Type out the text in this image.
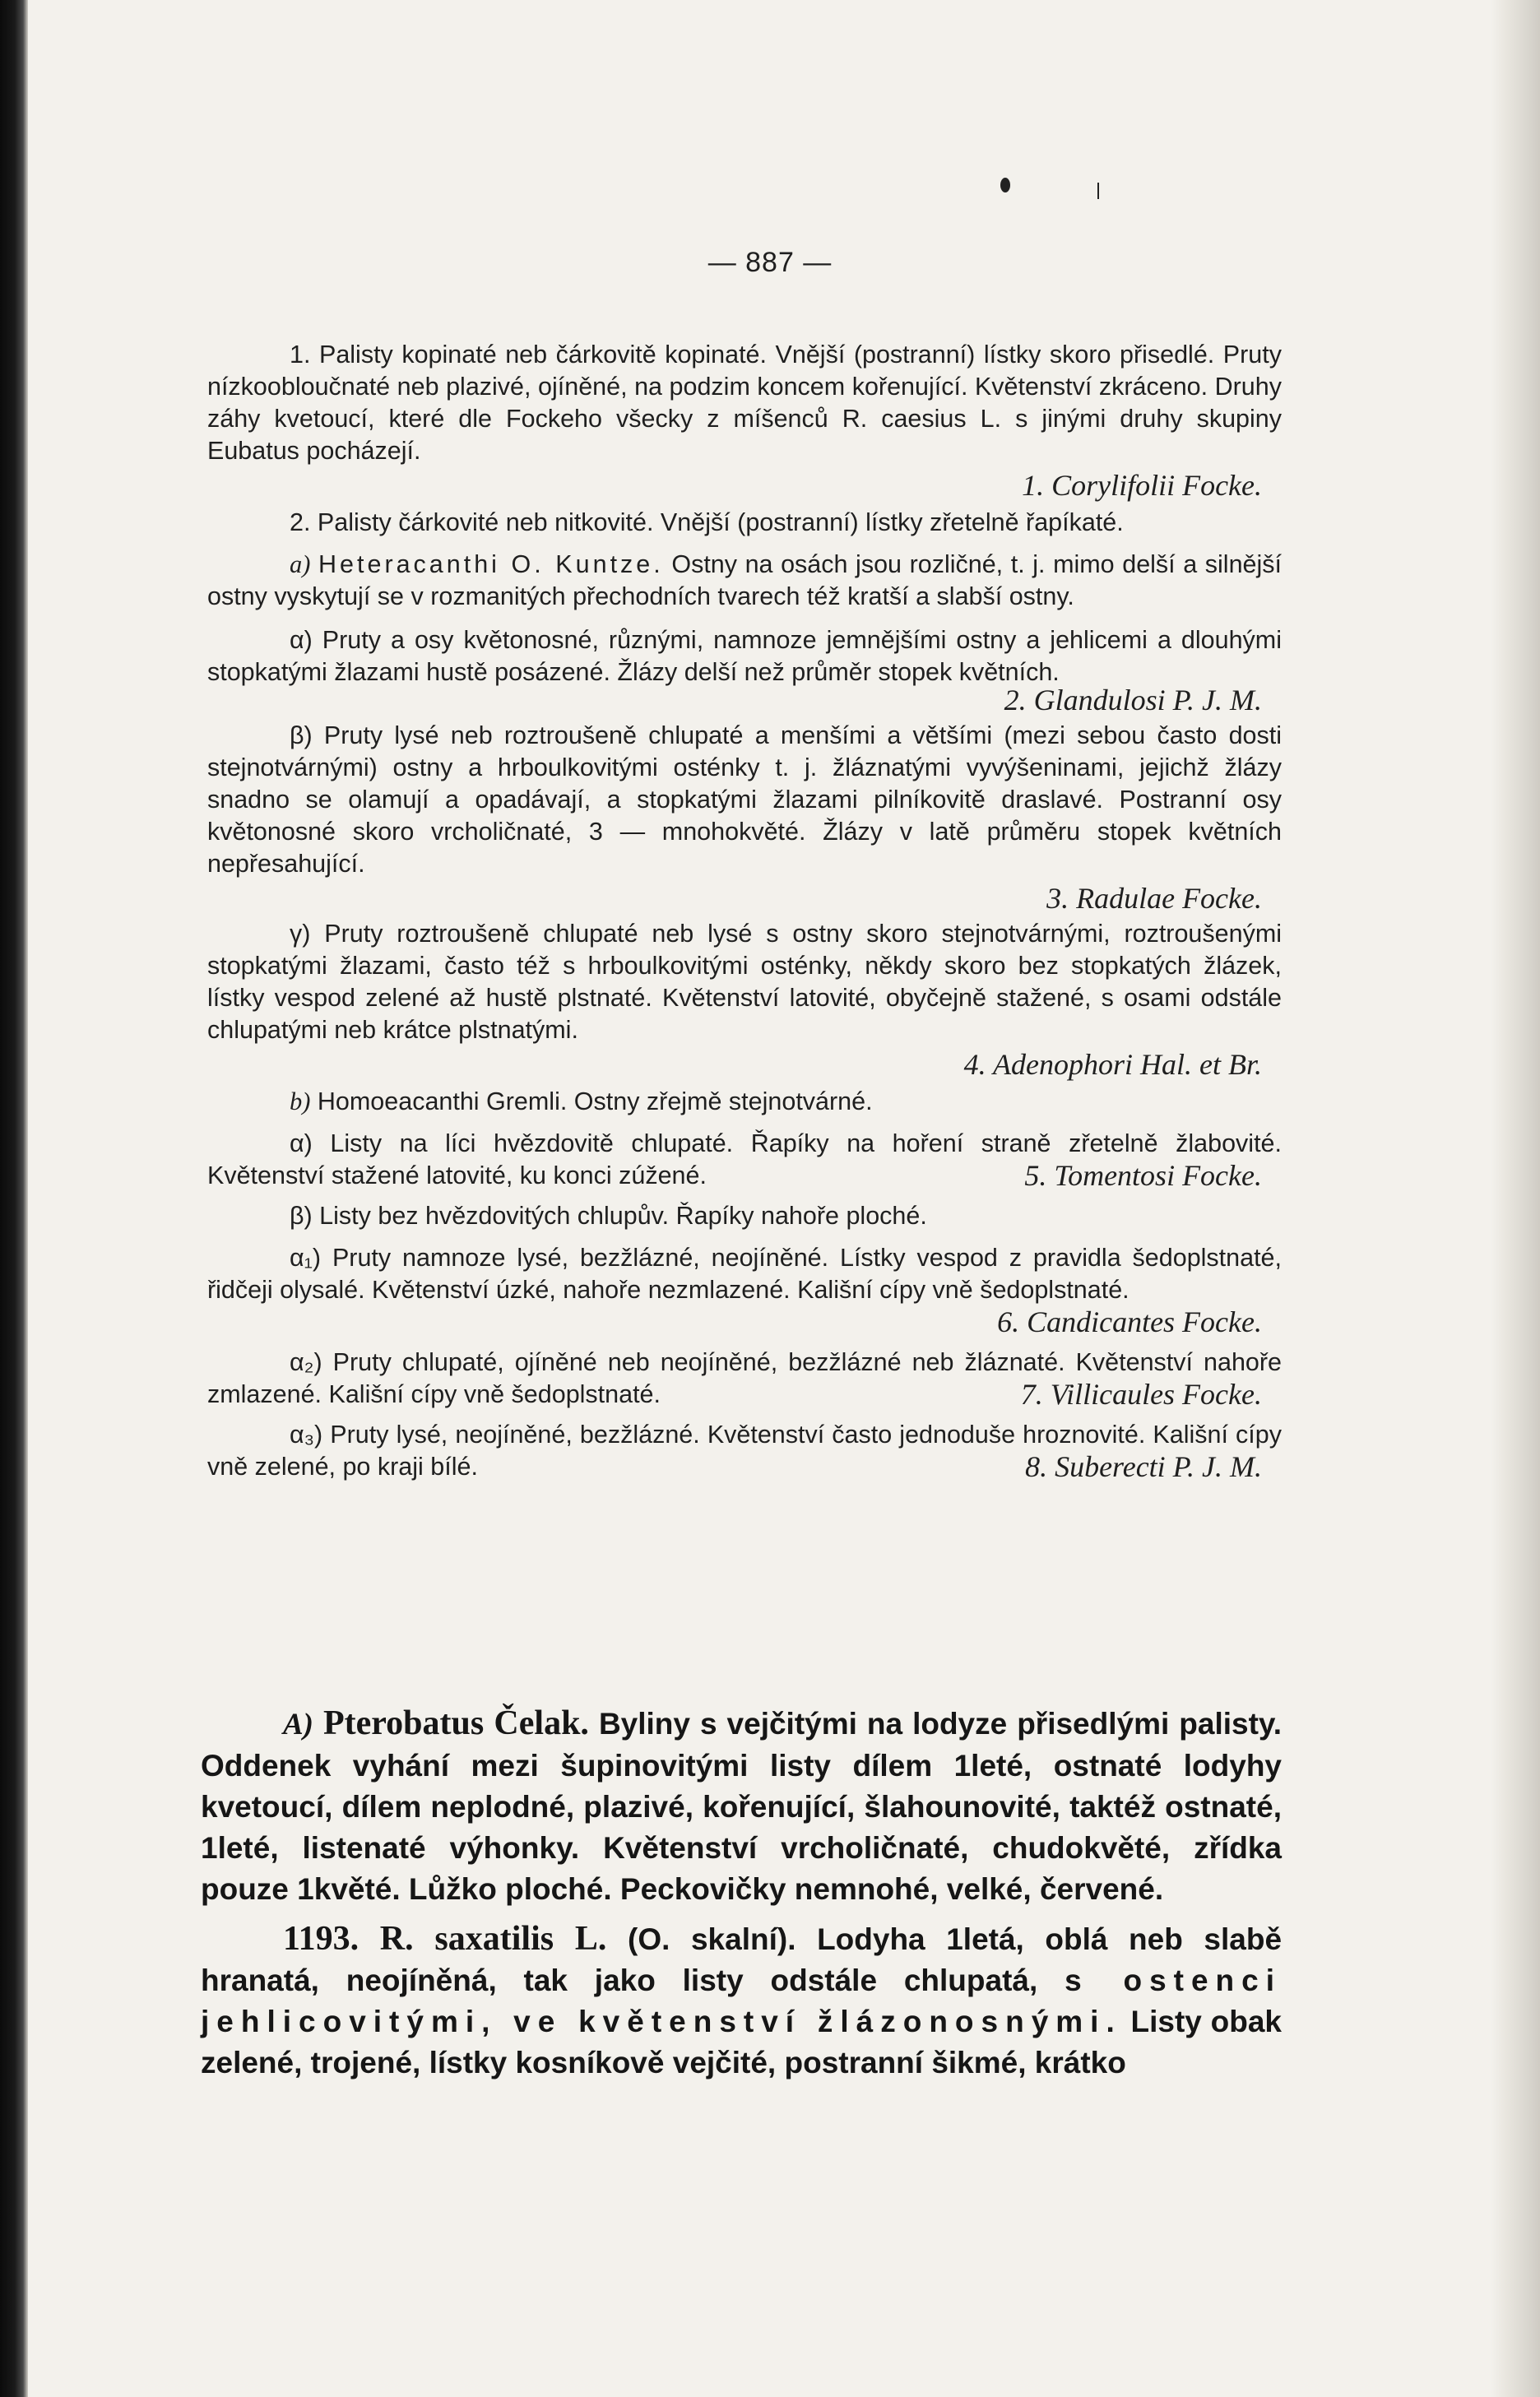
— 887 —

1. Palisty kopinaté neb čárkovitě kopinaté. Vnější (postranní) lístky skoro přisedlé. Pruty nízkoobloučnaté neb plazivé, ojíněné, na podzim koncem kořenující. Květenství zkráceno. Druhy záhy kvetoucí, které dle Fockeho všecky z míšenců R. caesius L. s jinými druhy skupiny Eubatus pocházejí.

1. Corylifolii Focke.

2. Palisty čárkovité neb nitkovité. Vnější (postranní) lístky zřetelně řapíkaté.

a) Heteracanthi O. Kuntze. Ostny na osách jsou rozličné, t. j. mimo delší a silnější ostny vyskytují se v rozmanitých přechodních tvarech též kratší a slabší ostny.

α) Pruty a osy květonosné, různými, namnoze jemnějšími ostny a jehlicemi a dlouhými stopkatými žlazami hustě posázené. Žlázy delší než průměr stopek květních.

2. Glandulosi P. J. M.

β) Pruty lysé neb roztroušeně chlupaté a menšími a většími (mezi sebou často dosti stejnotvárnými) ostny a hrboulkovitými osténky t. j. žláznatými vyvýšeninami, jejichž žlázy snadno se olamují a opadávají, a stopkatými žlazami pilníkovitě draslavé. Postranní osy květonosné skoro vrcholičnaté, 3 — mnohokvěté. Žlázy v latě průměru stopek květních nepřesahující.

3. Radulae Focke.

γ) Pruty roztroušeně chlupaté neb lysé s ostny skoro stejnotvárnými, roztroušenými stopkatými žlazami, často též s hrboulkovitými osténky, někdy skoro bez stopkatých žlázek, lístky vespod zelené až hustě plstnaté. Květenství latovité, obyčejně stažené, s osami odstále chlupatými neb krátce plstnatými.

4. Adenophori Hal. et Br.

b) Homoeacanthi Gremli. Ostny zřejmě stejnotvárné.

α) Listy na líci hvězdovitě chlupaté. Řapíky na hoření straně zřetelně žlabovité. Květenství stažené latovité, ku konci zúžené.	5. Tomentosi Focke.

β) Listy bez hvězdovitých chlupův. Řapíky nahoře ploché.

α₁) Pruty namnoze lysé, bezžlázné, neojíněné. Lístky vespod z pravidla šedoplstnaté, řidčeji olysalé. Květenství úzké, nahoře nezmlazené. Kališní cípy vně šedoplstnaté.
6. Candicantes Focke.

α₂) Pruty chlupaté, ojíněné neb neojíněné, bezžlázné neb žláznaté. Květenství nahoře zmlazené. Kališní cípy vně šedoplstnaté.	7. Villicaules Focke.

α₃) Pruty lysé, neojíněné, bezžlázné. Květenství často jednoduše hroznovité. Kališní cípy vně zelené, po kraji bílé.	8. Suberecti P. J. M.

A) Pterobatus Čelak. Byliny s vejčitými na lodyze přisedlými palisty. Oddenek vyhání mezi šupinovitými listy dílem 1leté, ostnaté lodyhy kvetoucí, dílem neplodné, plazivé, kořenující, šlahounovité, taktéž ostnaté, 1leté, listenaté výhonky. Květenství vrcholičnaté, chudokvěté, zřídka pouze 1květé. Lůžko ploché. Peckovičky nemnohé, velké, červené.

1193. R. saxatilis L. (O. skalní). Lodyha 1letá, oblá neb slabě hranatá, neojíněná, tak jako listy odstále chlupatá, s ostenci jehlicovitými, ve květenství žlázonosnými. Listy obak zelené, trojené, lístky kosníkově vejčité, postranní šikmé, krátko
